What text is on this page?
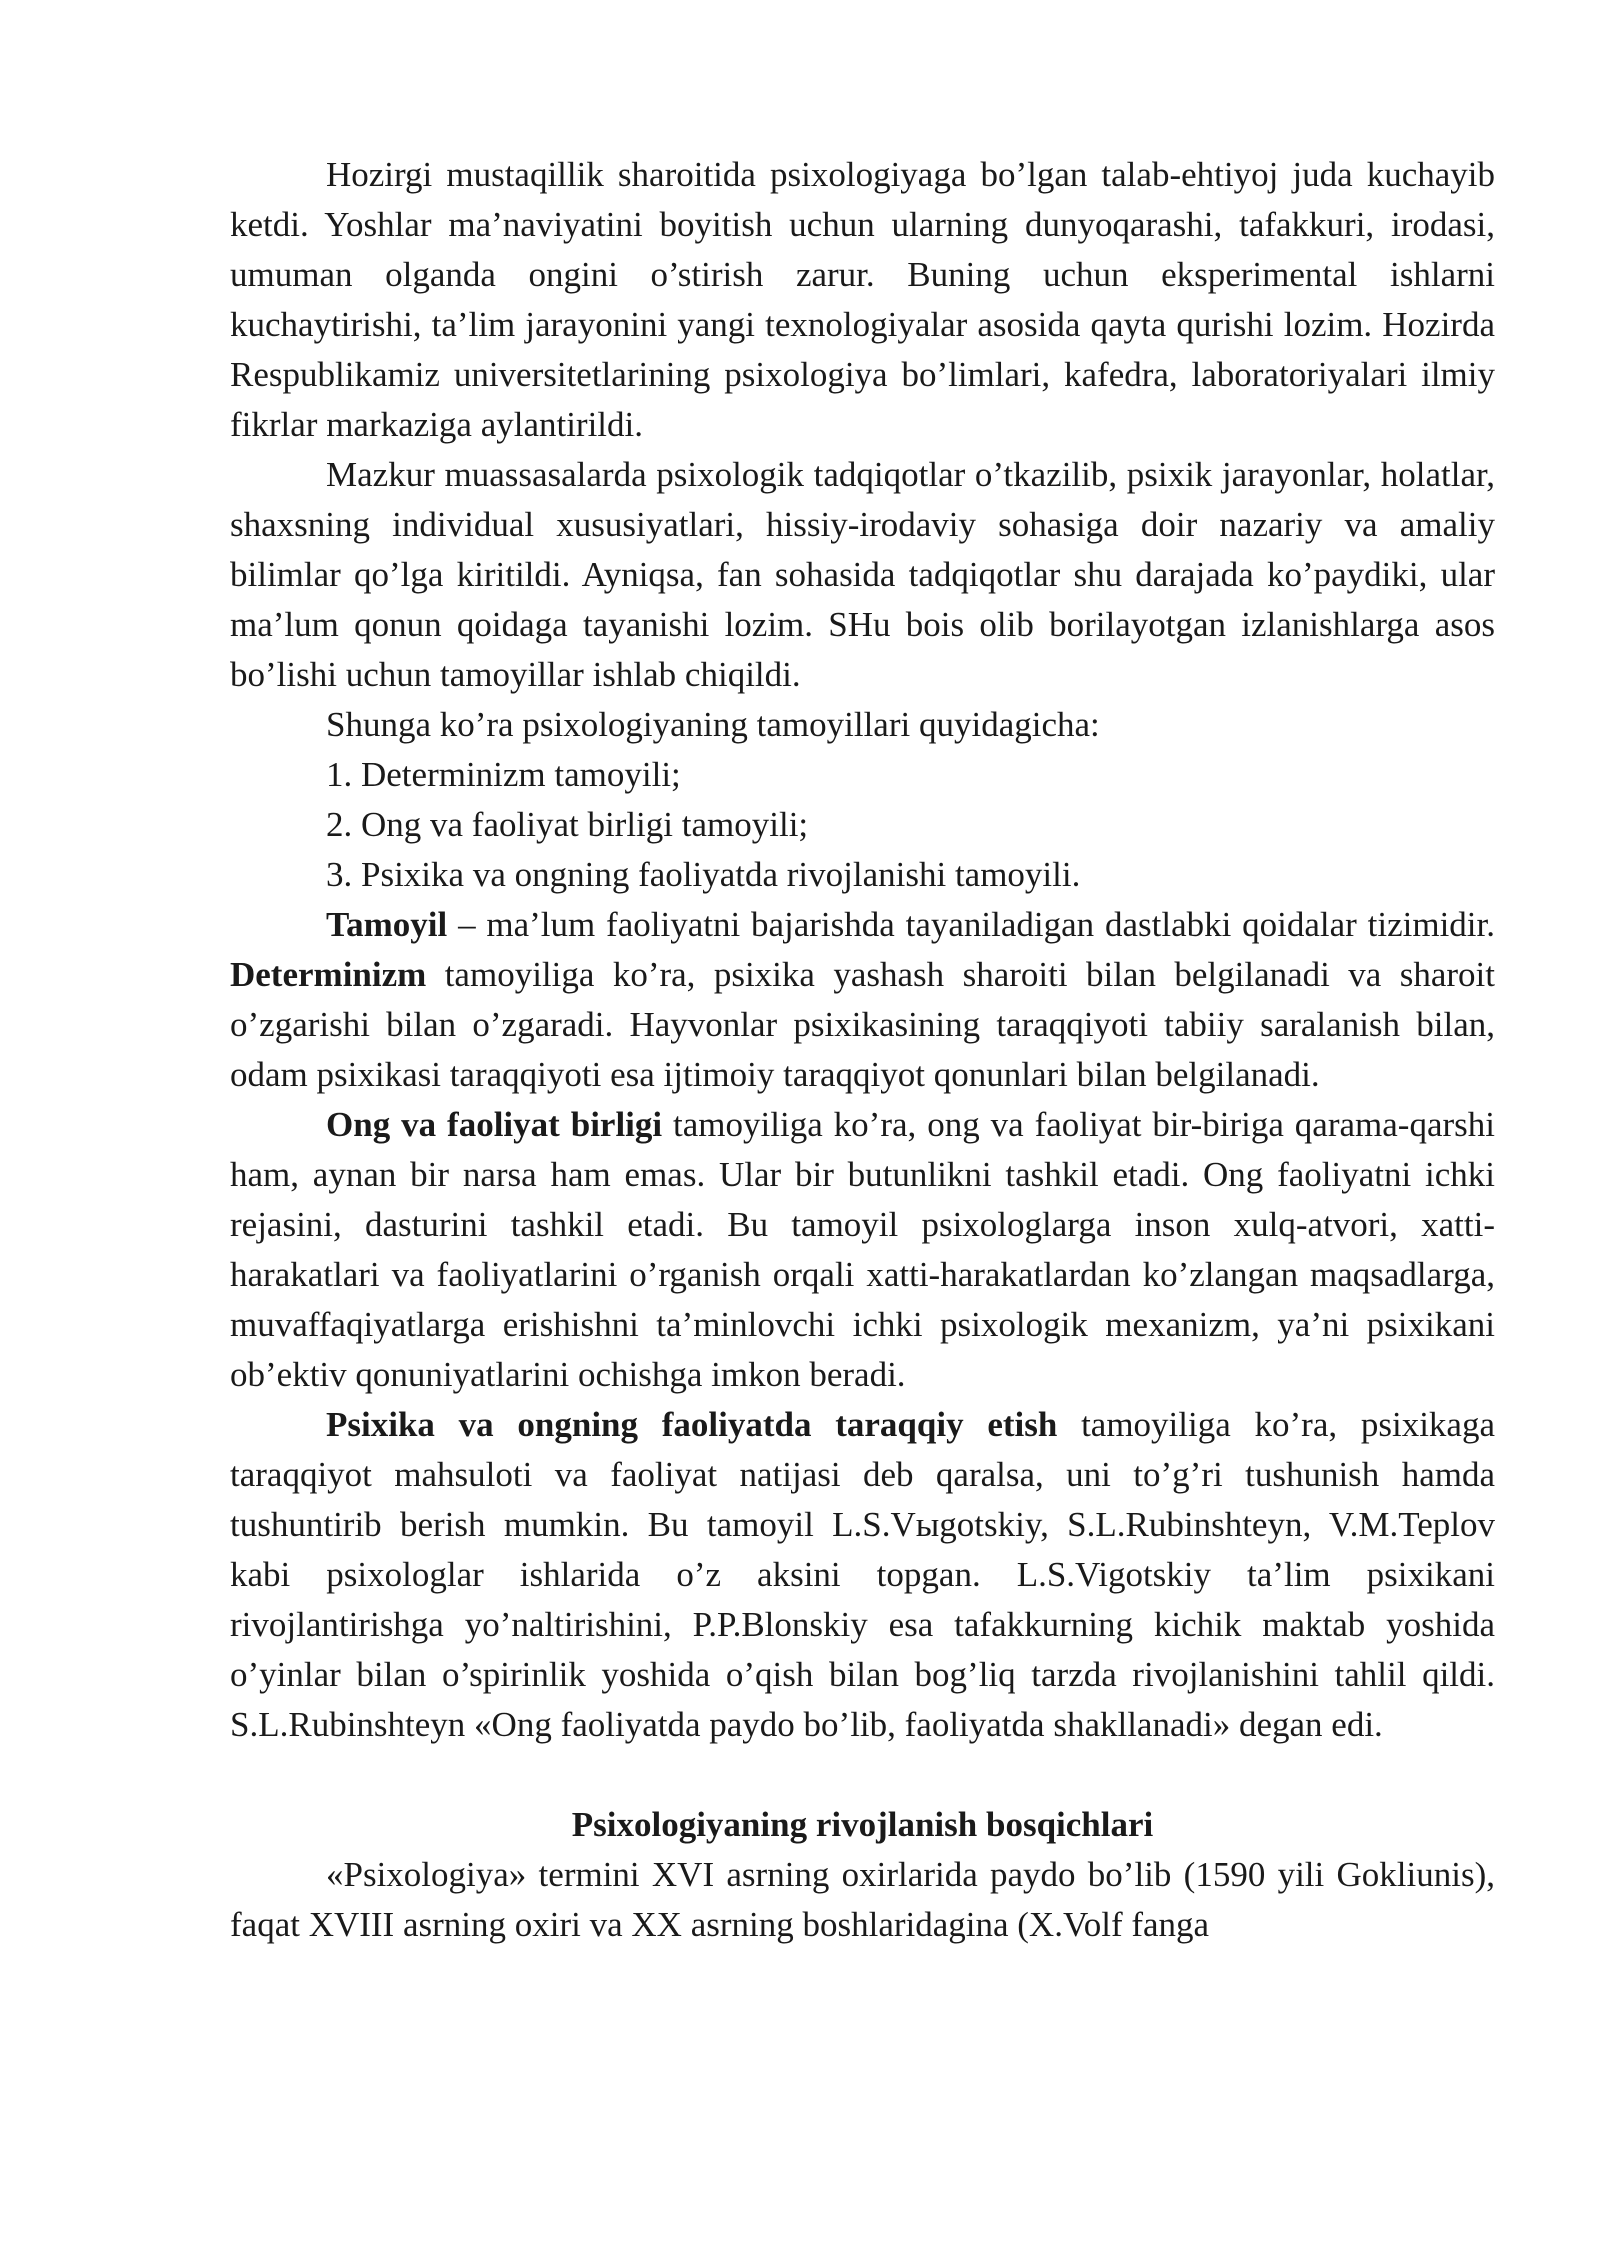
Hozirgi mustaqillik sharoitida psixologiyaga bo’lgan talab-ehtiyoj juda kuchayib ketdi. Yoshlar ma’naviyatini boyitish uchun ularning dunyoqarashi, tafakkuri, irodasi, umuman olganda ongini o’stirish zarur. Buning uchun eksperimental ishlarni kuchaytirishi, ta’lim jarayonini yangi texnologiyalar asosida qayta qurishi lozim. Hozirda Respublikamiz universitetlarining psixologiya bo’limlari, kafedra, laboratoriyalari ilmiy fikrlar markaziga aylantirildi.

Mazkur muassasalarda psixologik tadqiqotlar o’tkazilib, psixik jarayonlar, holatlar, shaxsning individual xususiyatlari, hissiy-irodaviy sohasiga doir nazariy va amaliy bilimlar qo’lga kiritildi. Ayniqsa, fan sohasida tadqiqotlar shu darajada ko’paydiki, ular ma’lum qonun qoidaga tayanishi lozim. SHu bois olib borilayotgan izlanishlarga asos bo’lishi uchun tamoyillar ishlab chiqildi.

Shunga ko’ra psixologiyaning tamoyillari quyidagicha:

1. Determinizm tamoyili;

2. Ong va faoliyat birligi tamoyili;

3. Psixika va ongning faoliyatda rivojlanishi tamoyili.

Tamoyil – ma’lum faoliyatni bajarishda tayaniladigan dastlabki qoidalar tizimidir. Determinizm tamoyiliga ko’ra, psixika yashash sharoiti bilan belgilanadi va sharoit o’zgarishi bilan o’zgaradi. Hayvonlar psixikasining taraqqiyoti tabiiy saralanish bilan, odam psixikasi taraqqiyoti esa ijtimoiy taraqqiyot qonunlari bilan belgilanadi.

Ong va faoliyat birligi tamoyiliga ko’ra, ong va faoliyat bir-biriga qarama-qarshi ham, aynan bir narsa ham emas. Ular bir butunlikni tashkil etadi. Ong faoliyatni ichki rejasini, dasturini tashkil etadi. Bu tamoyil psixologlarga inson xulq-atvori, xatti-harakatlari va faoliyatlarini o’rganish orqali xatti-harakatlardan ko’zlangan maqsadlarga, muvaffaqiyatlarga erishishni ta’minlovchi ichki psixologik mexanizm, ya’ni psixikani ob’ektiv qonuniyatlarini ochishga imkon beradi.

Psixika va ongning faoliyatda taraqqiy etish tamoyiliga ko’ra, psixikaga taraqqiyot mahsuloti va faoliyat natijasi deb qaralsa, uni to’g’ri tushunish hamda tushuntirib berish mumkin. Bu tamoyil L.S.Vыgotskiy, S.L.Rubinshteyn, V.M.Teplov kabi psixologlar ishlarida o’z aksini topgan. L.S.Vigotskiy ta’lim psixikani rivojlantirishga yo’naltirishini, P.P.Blonskiy esa tafakkurning kichik maktab yoshida o’yinlar bilan o’spirinlik yoshida o’qish bilan bog’liq tarzda rivojlanishini tahlil qildi. S.L.Rubinshteyn «Ong faoliyatda paydo bo’lib, faoliyatda shakllanadi» degan edi.

Psixologiyaning rivojlanish bosqichlari

«Psixologiya» termini XVI asrning oxirlarida paydo bo’lib (1590 yili Gokliunis), faqat XVIII asrning oxiri va XX asrning boshlaridagina (X.Volf fanga
